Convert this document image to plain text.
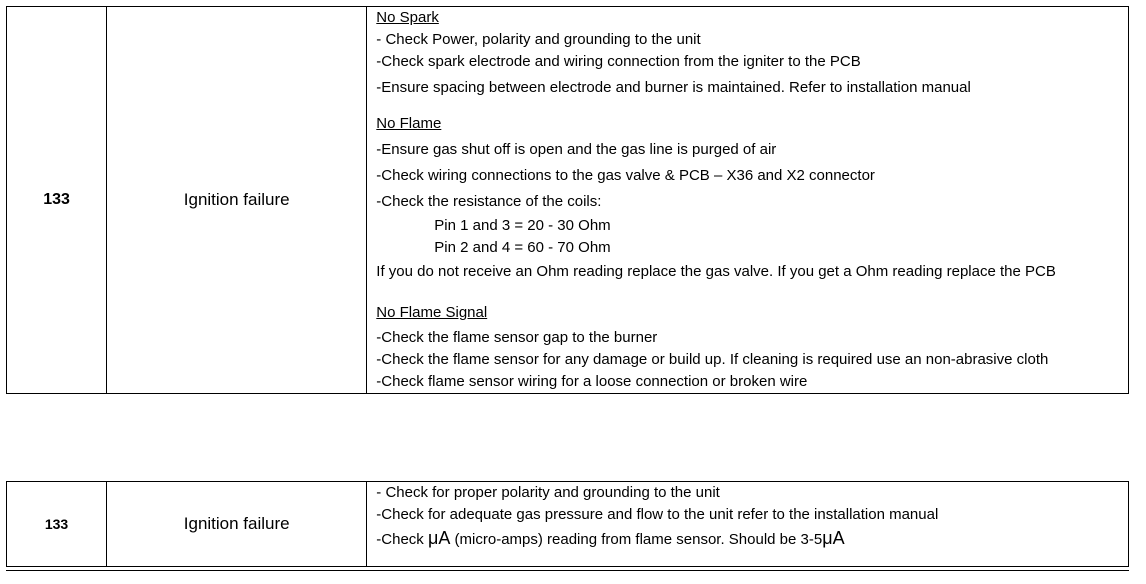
133	Ignition failure	
No Spark
- Check Power, polarity and grounding to the unit
-Check spark electrode and wiring connection from the igniter to the PCB
-Ensure spacing between electrode and burner is maintained. Refer to installation manual
No Flame
-Ensure gas shut off is open and the gas line is purged of air
-Check wiring connections to the gas valve & PCB – X36 and X2 connector
-Check the resistance of the coils:
Pin 1 and 3 = 20 - 30 Ohm
Pin 2 and 4 = 60 - 70 Ohm
If you do not receive an Ohm reading replace the gas valve. If you get a Ohm reading replace the PCB
No Flame Signal
-Check the flame sensor gap to the burner
-Check the flame sensor for any damage or build up. If cleaning is required use an non-abrasive cloth
-Check flame sensor wiring for a loose connection or broken wire
133	Ignition failure	
- Check for proper polarity and grounding to the unit
-Check for adequate gas pressure and flow to the unit refer to the installation manual
-Check μA (micro-amps) reading from flame sensor. Should be 3-5μA
